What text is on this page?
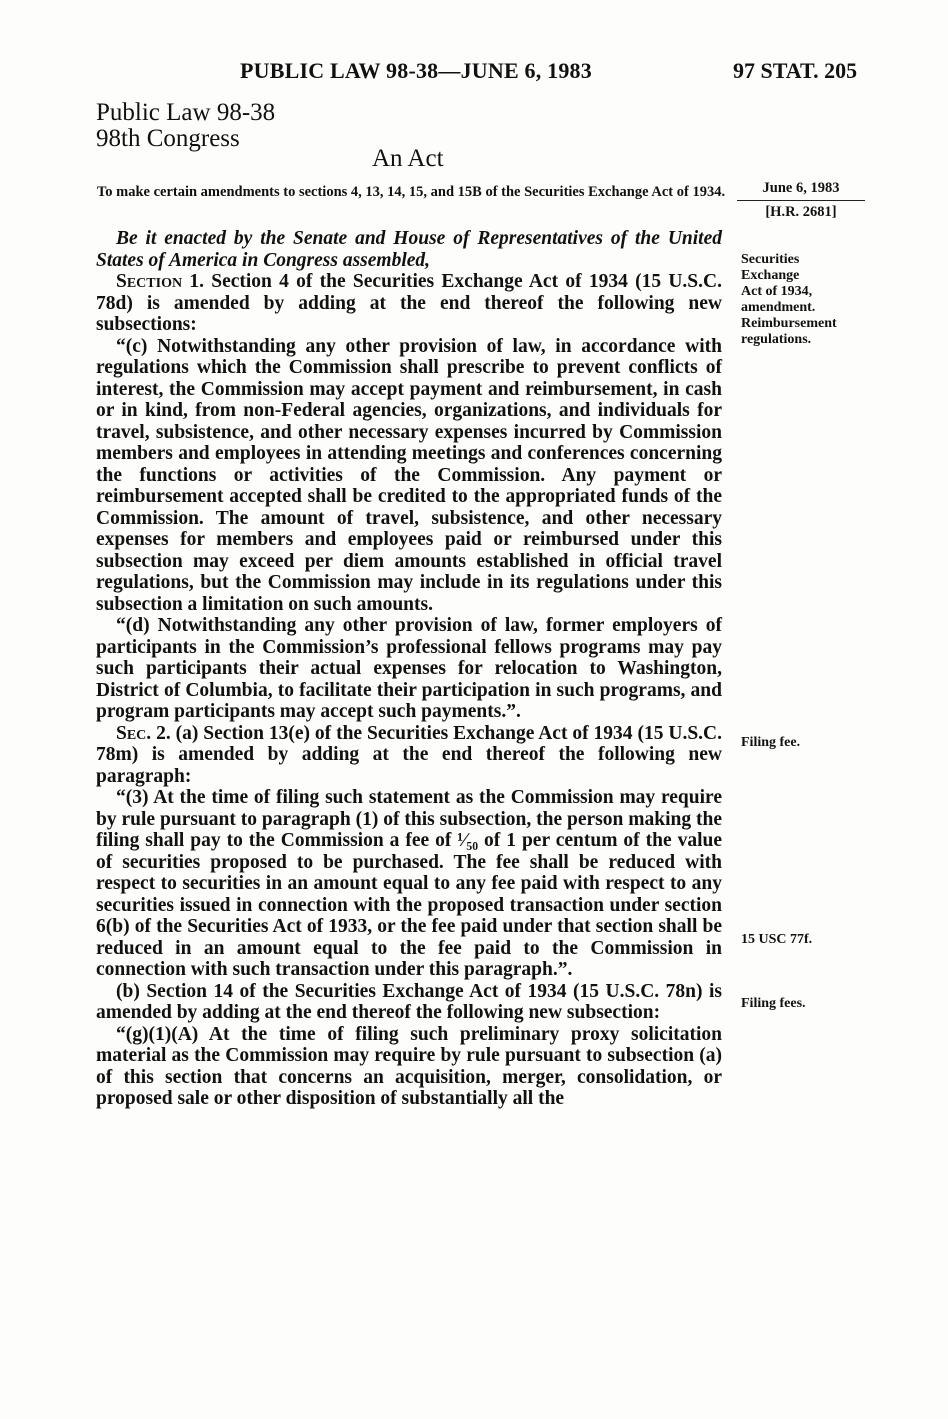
PUBLIC LAW 98-38—JUNE 6, 1983	97 STAT. 205
Public Law 98-38
98th Congress
An Act
To make certain amendments to sections 4, 13, 14, 15, and 15B of the Securities Exchange Act of 1934.	June 6, 1983
[H.R. 2681]
Securities
Exchange
Act of 1934,
amendment.
Reimbursement
regulations.
Filing fee.
15 USC 77f.
Filing fees.

Be it enacted by the Senate and House of Representatives of the United States of America in Congress assembled,

Section 1. Section 4 of the Securities Exchange Act of 1934 (15 U.S.C. 78d) is amended by adding at the end thereof the following new subsections:

“(c) Notwithstanding any other provision of law, in accordance with regulations which the Commission shall prescribe to prevent conflicts of interest, the Commission may accept payment and reimbursement, in cash or in kind, from non-Federal agencies, organizations, and individuals for travel, subsistence, and other necessary expenses incurred by Commission members and employees in attending meetings and conferences concerning the functions or activities of the Commission. Any payment or reimbursement accepted shall be credited to the appropriated funds of the Commission. The amount of travel, subsistence, and other necessary expenses for members and employees paid or reimbursed under this subsection may exceed per diem amounts established in official travel regulations, but the Commission may include in its regulations under this subsection a limitation on such amounts.

“(d) Notwithstanding any other provision of law, former employers of participants in the Commission’s professional fellows programs may pay such participants their actual expenses for relocation to Washington, District of Columbia, to facilitate their participation in such programs, and program participants may accept such payments.”.

Sec. 2. (a) Section 13(e) of the Securities Exchange Act of 1934 (15 U.S.C. 78m) is amended by adding at the end thereof the following new paragraph:

“(3) At the time of filing such statement as the Commission may require by rule pursuant to paragraph (1) of this subsection, the person making the filing shall pay to the Commission a fee of ¹⁄₅₀ of 1 per centum of the value of securities proposed to be purchased. The fee shall be reduced with respect to securities in an amount equal to any fee paid with respect to any securities issued in connection with the proposed transaction under section 6(b) of the Securities Act of 1933, or the fee paid under that section shall be reduced in an amount equal to the fee paid to the Commission in connection with such transaction under this paragraph.”.

(b) Section 14 of the Securities Exchange Act of 1934 (15 U.S.C. 78n) is amended by adding at the end thereof the following new subsection:

“(g)(1)(A) At the time of filing such preliminary proxy solicitation material as the Commission may require by rule pursuant to subsection (a) of this section that concerns an acquisition, merger, consolidation, or proposed sale or other disposition of substantially all the
